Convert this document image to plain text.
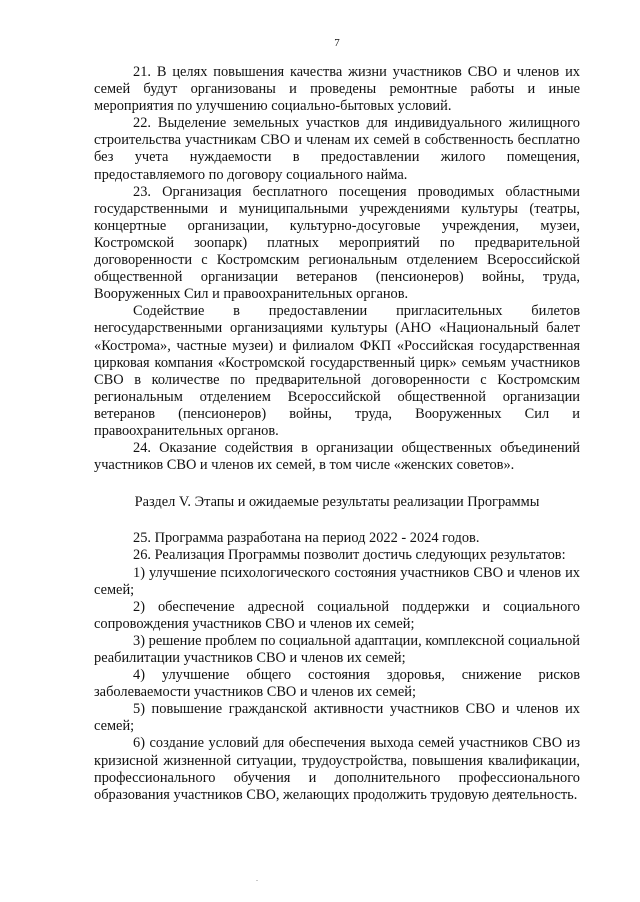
7

21. В целях повышения качества жизни участников СВО и членов их семей будут организованы и проведены ремонтные работы и иные мероприятия по улучшению социально-бытовых условий.

22. Выделение земельных участков для индивидуального жилищного строительства участникам СВО и членам их семей в собственность бесплатно без учета нуждаемости в предоставлении жилого помещения, предоставляемого по договору социального найма.

23. Организация бесплатного посещения проводимых областными государственными и муниципальными учреждениями культуры (театры, концертные организации, культурно-досуговые учреждения, музеи, Костромской зоопарк) платных мероприятий по предварительной договоренности с Костромским региональным отделением Всероссийской общественной организации ветеранов (пенсионеров) войны, труда, Вооруженных Сил и правоохранительных органов.

Содействие в предоставлении пригласительных билетов негосударственными организациями культуры (АНО «Национальный балет «Кострома», частные музеи) и филиалом ФКП «Российская государственная цирковая компания «Костромской государственный цирк» семьям участников СВО в количестве по предварительной договоренности с Костромским региональным отделением Всероссийской общественной организации ветеранов (пенсионеров) войны, труда, Вооруженных Сил и правоохранительных органов.

24. Оказание содействия в организации общественных объединений участников СВО и членов их семей, в том числе «женских советов».

Раздел V. Этапы и ожидаемые результаты реализации Программы

25. Программа разработана на период 2022 - 2024 годов.

26. Реализация Программы позволит достичь следующих результатов:

1) улучшение психологического состояния участников СВО и членов их семей;

2) обеспечение адресной социальной поддержки и социального сопровождения участников СВО и членов их семей;

3) решение проблем по социальной адаптации, комплексной социальной реабилитации участников СВО и членов их семей;

4) улучшение общего состояния здоровья, снижение рисков заболеваемости участников СВО и членов их семей;

5) повышение гражданской активности участников СВО и членов их семей;

6) создание условий для обеспечения выхода семей участников СВО из кризисной жизненной ситуации, трудоустройства, повышения квалификации, профессионального обучения и дополнительного профессионального образования участников СВО, желающих продолжить трудовую деятельность.
